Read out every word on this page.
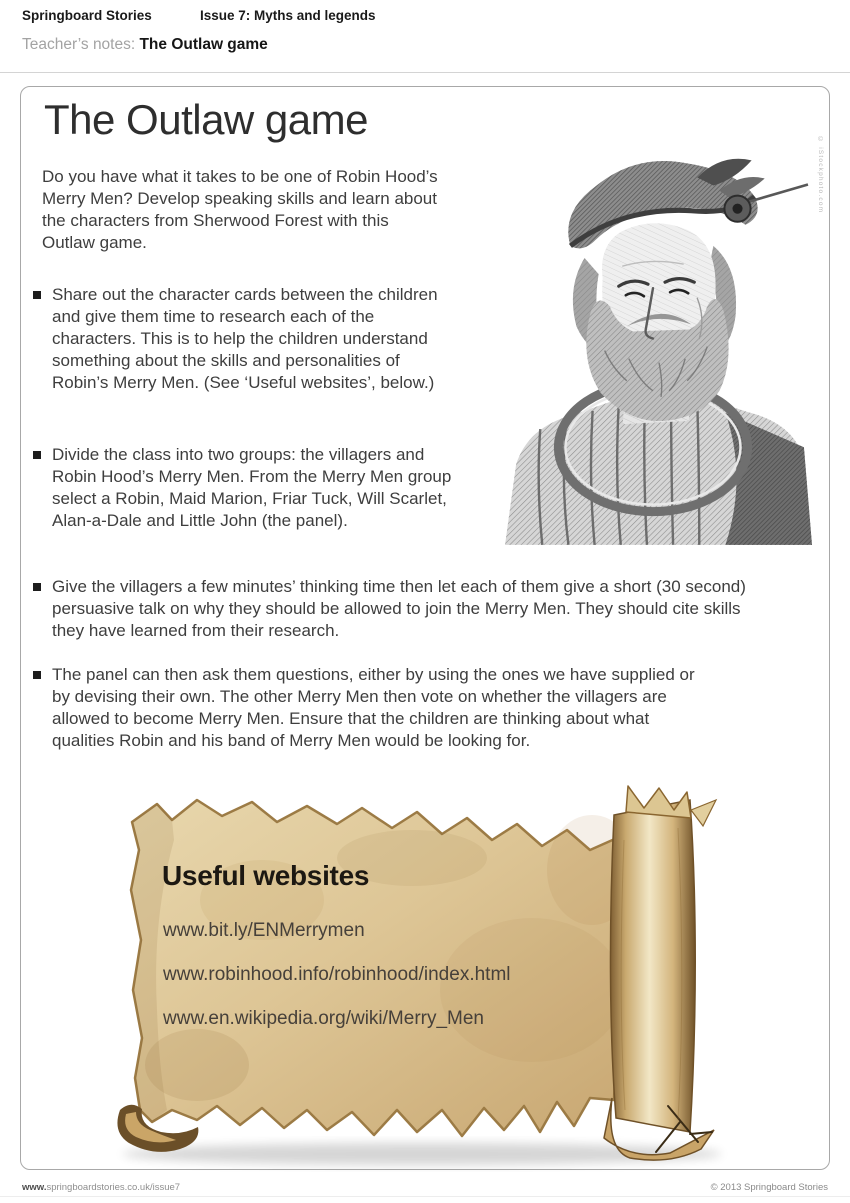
Springboard Stories	Issue 7: Myths and legends
Teacher’s notes: The Outlaw game
The Outlaw game
Do you have what it takes to be one of Robin Hood’s Merry Men? Develop speaking skills and learn about the characters from Sherwood Forest with this Outlaw game.
Share out the character cards between the children and give them time to research each of the characters. This is to help the children understand something about the skills and personalities of Robin’s Merry Men. (See ‘Useful websites’, below.)
Divide the class into two groups: the villagers and Robin Hood’s Merry Men. From the Merry Men group select a Robin, Maid Marion, Friar Tuck, Will Scarlet, Alan-a-Dale and Little John (the panel).
Give the villagers a few minutes’ thinking time then let each of them give a short (30 second) persuasive talk on why they should be allowed to join the Merry Men. They should cite skills they have learned from their research.
The panel can then ask them questions, either by using the ones we have supplied or by devising their own. The other Merry Men then vote on whether the villagers are allowed to become Merry Men. Ensure that the children are thinking about what qualities Robin and his band of Merry Men would be looking for.
© iStockphoto.com
Useful websites
www.bit.ly/ENMerrymen
www.robinhood.info/robinhood/index.html
www.en.wikipedia.org/wiki/Merry_Men
www.springboardstories.co.uk/issue7	© 2013 Springboard Stories
